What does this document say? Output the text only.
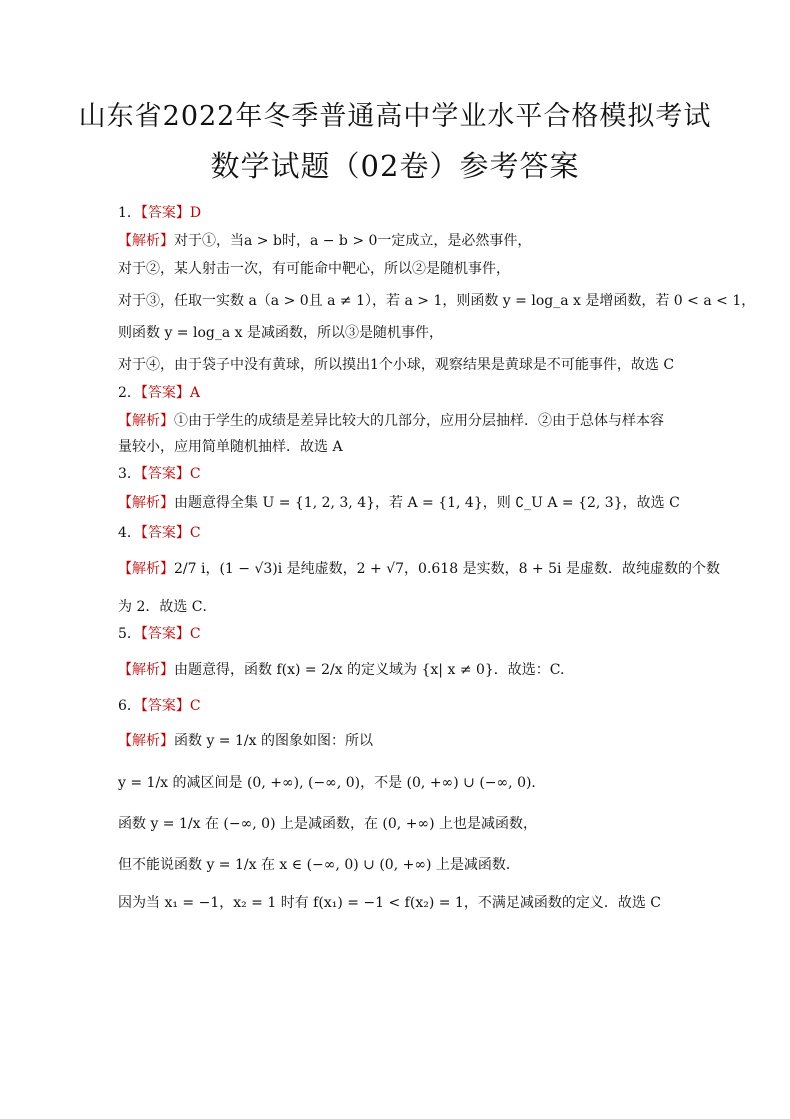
山东省2022年冬季普通高中学业水平合格模拟考试
数学试题（02卷）参考答案
1．【答案】D
【解析】对于①，当a > b时，a − b > 0一定成立，是必然事件，
对于②，某人射击一次，有可能命中靶心，所以②是随机事件，
对于③，任取一实数 a（a > 0且 a ≠ 1），若 a > 1，则函数 y = log_a x 是增函数，若 0 < a < 1，
则函数 y = log_a x 是减函数，所以③是随机事件，
对于④，由于袋子中没有黄球，所以摸出1个小球，观察结果是黄球是不可能事件，故选 C
2．【答案】A
【解析】①由于学生的成绩是差异比较大的几部分，应用分层抽样．②由于总体与样本容
量较小，应用简单随机抽样．故选 A
3．【答案】C
【解析】由题意得全集 U = {1, 2, 3, 4}，若 A = {1, 4}，则 ∁_U A = {2, 3}，故选 C
4．【答案】C
【解析】2/7 i，(1 − √3)i 是纯虚数，2 + √7，0.618 是实数，8 + 5i 是虚数．故纯虚数的个数
为 2．故选 C．
5．【答案】C
【解析】由题意得，函数 f(x) = 2/x 的定义域为 {x| x ≠ 0}．故选：C.
6．【答案】C
【解析】函数 y = 1/x 的图象如图：所以
y = 1/x 的减区间是 (0, +∞), (−∞, 0)，不是 (0, +∞) ∪ (−∞, 0)．
函数 y = 1/x 在 (−∞, 0) 上是减函数，在 (0, +∞) 上也是减函数，
但不能说函数 y = 1/x 在 x ∈ (−∞, 0) ∪ (0, +∞) 上是减函数．
因为当 x₁ = −1，x₂ = 1 时有 f(x₁) = −1 < f(x₂) = 1，不满足减函数的定义．故选 C
